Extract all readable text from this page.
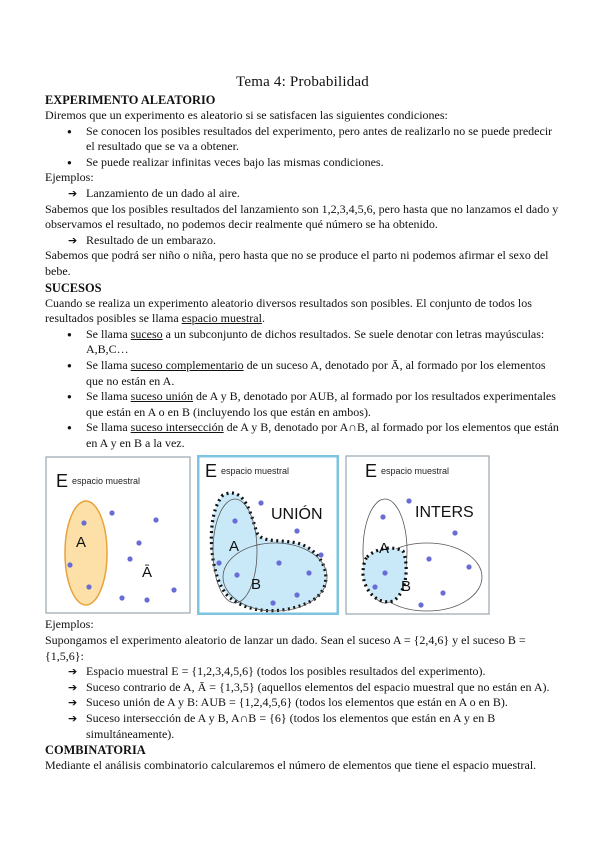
Tema 4: Probabilidad
EXPERIMENTO ALEATORIO

Diremos que un experimento es aleatorio si se satisfacen las siguientes condiciones:

● Se conocen los posibles resultados del experimento, pero antes de realizarlo no se puede predecir el resultado que se va a obtener.
● Se puede realizar infinitas veces bajo las mismas condiciones.

Ejemplos:

➔ Lanzamiento de un dado al aire.

Sabemos que los posibles resultados del lanzamiento son 1,2,3,4,5,6, pero hasta que no lanzamos el dado y observamos el resultado, no podemos decir realmente qué número se ha obtenido.

➔ Resultado de un embarazo.

Sabemos que podrá ser niño o niña, pero hasta que no se produce el parto ni podemos afirmar el sexo del bebe.

SUCESOS

Cuando se realiza un experimento aleatorio diversos resultados son posibles. El conjunto de todos los resultados posibles se llama espacio muestral.

● Se llama suceso a un subconjunto de dichos resultados. Se suele denotar con letras mayúsculas: A,B,C…
● Se llama suceso complementario de un suceso A, denotado por Ā, al formado por los elementos que no están en A.
● Se llama suceso unión de A y B, denotado por AUB, al formado por los resultados experimentales que están en A o en B (incluyendo los que están en ambos).
● Se llama suceso intersección de A y B, denotado por A∩B, al formado por los elementos que están en A y en B a la vez.
E espacio muestral
A
Ā
E espacio muestral
UNIÓN
A
B
E espacio muestral
INTERS
A
B

Ejemplos:

Supongamos el experimento aleatorio de lanzar un dado. Sean el suceso A = {2,4,6} y el suceso B = {1,5,6}:

➔ Espacio muestral E = {1,2,3,4,5,6} (todos los posibles resultados del experimento).
➔ Suceso contrario de A, Ā = {1,3,5} (aquellos elementos del espacio muestral que no están en A).
➔ Suceso unión de A y B: AUB = {1,2,4,5,6} (todos los elementos que están en A o en B).
➔ Suceso intersección de A y B, A∩B = {6} (todos los elementos que están en A y en B simultáneamente).
COMBINATORIA

Mediante el análisis combinatorio calcularemos el número de elementos que tiene el espacio muestral.
